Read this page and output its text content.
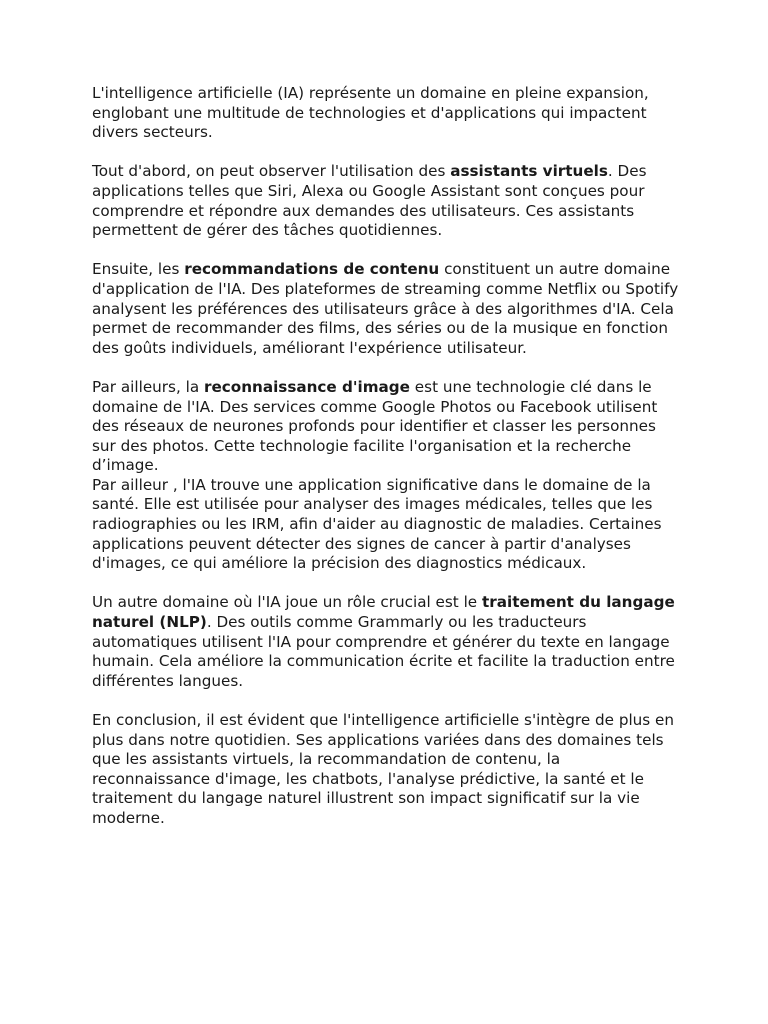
L'intelligence artificielle (IA) représente un domaine en pleine expansion, englobant une multitude de technologies et d'applications qui impactent divers secteurs.

Tout d'abord, on peut observer l'utilisation des assistants virtuels. Des applications telles que Siri, Alexa ou Google Assistant sont conçues pour comprendre et répondre aux demandes des utilisateurs. Ces assistants permettent de gérer des tâches quotidiennes.

Ensuite, les recommandations de contenu constituent un autre domaine d'application de l'IA. Des plateformes de streaming comme Netflix ou Spotify analysent les préférences des utilisateurs grâce à des algorithmes d'IA. Cela permet de recommander des films, des séries ou de la musique en fonction des goûts individuels, améliorant l'expérience utilisateur.

Par ailleurs, la reconnaissance d'image est une technologie clé dans le domaine de l'IA. Des services comme Google Photos ou Facebook utilisent des réseaux de neurones profonds pour identifier et classer les personnes sur des photos. Cette technologie facilite l'organisation et la recherche d’image.

Par ailleur , l'IA trouve une application significative dans le domaine de la santé. Elle est utilisée pour analyser des images médicales, telles que les radiographies ou les IRM, afin d'aider au diagnostic de maladies. Certaines applications peuvent détecter des signes de cancer à partir d'analyses d'images, ce qui améliore la précision des diagnostics médicaux.

Un autre domaine où l'IA joue un rôle crucial est le traitement du langage naturel (NLP). Des outils comme Grammarly ou les traducteurs automatiques utilisent l'IA pour comprendre et générer du texte en langage humain. Cela améliore la communication écrite et facilite la traduction entre différentes langues.

En conclusion, il est évident que l'intelligence artificielle s'intègre de plus en plus dans notre quotidien. Ses applications variées dans des domaines tels que les assistants virtuels, la recommandation de contenu, la reconnaissance d'image, les chatbots, l'analyse prédictive, la santé et le traitement du langage naturel illustrent son impact significatif sur la vie moderne.
